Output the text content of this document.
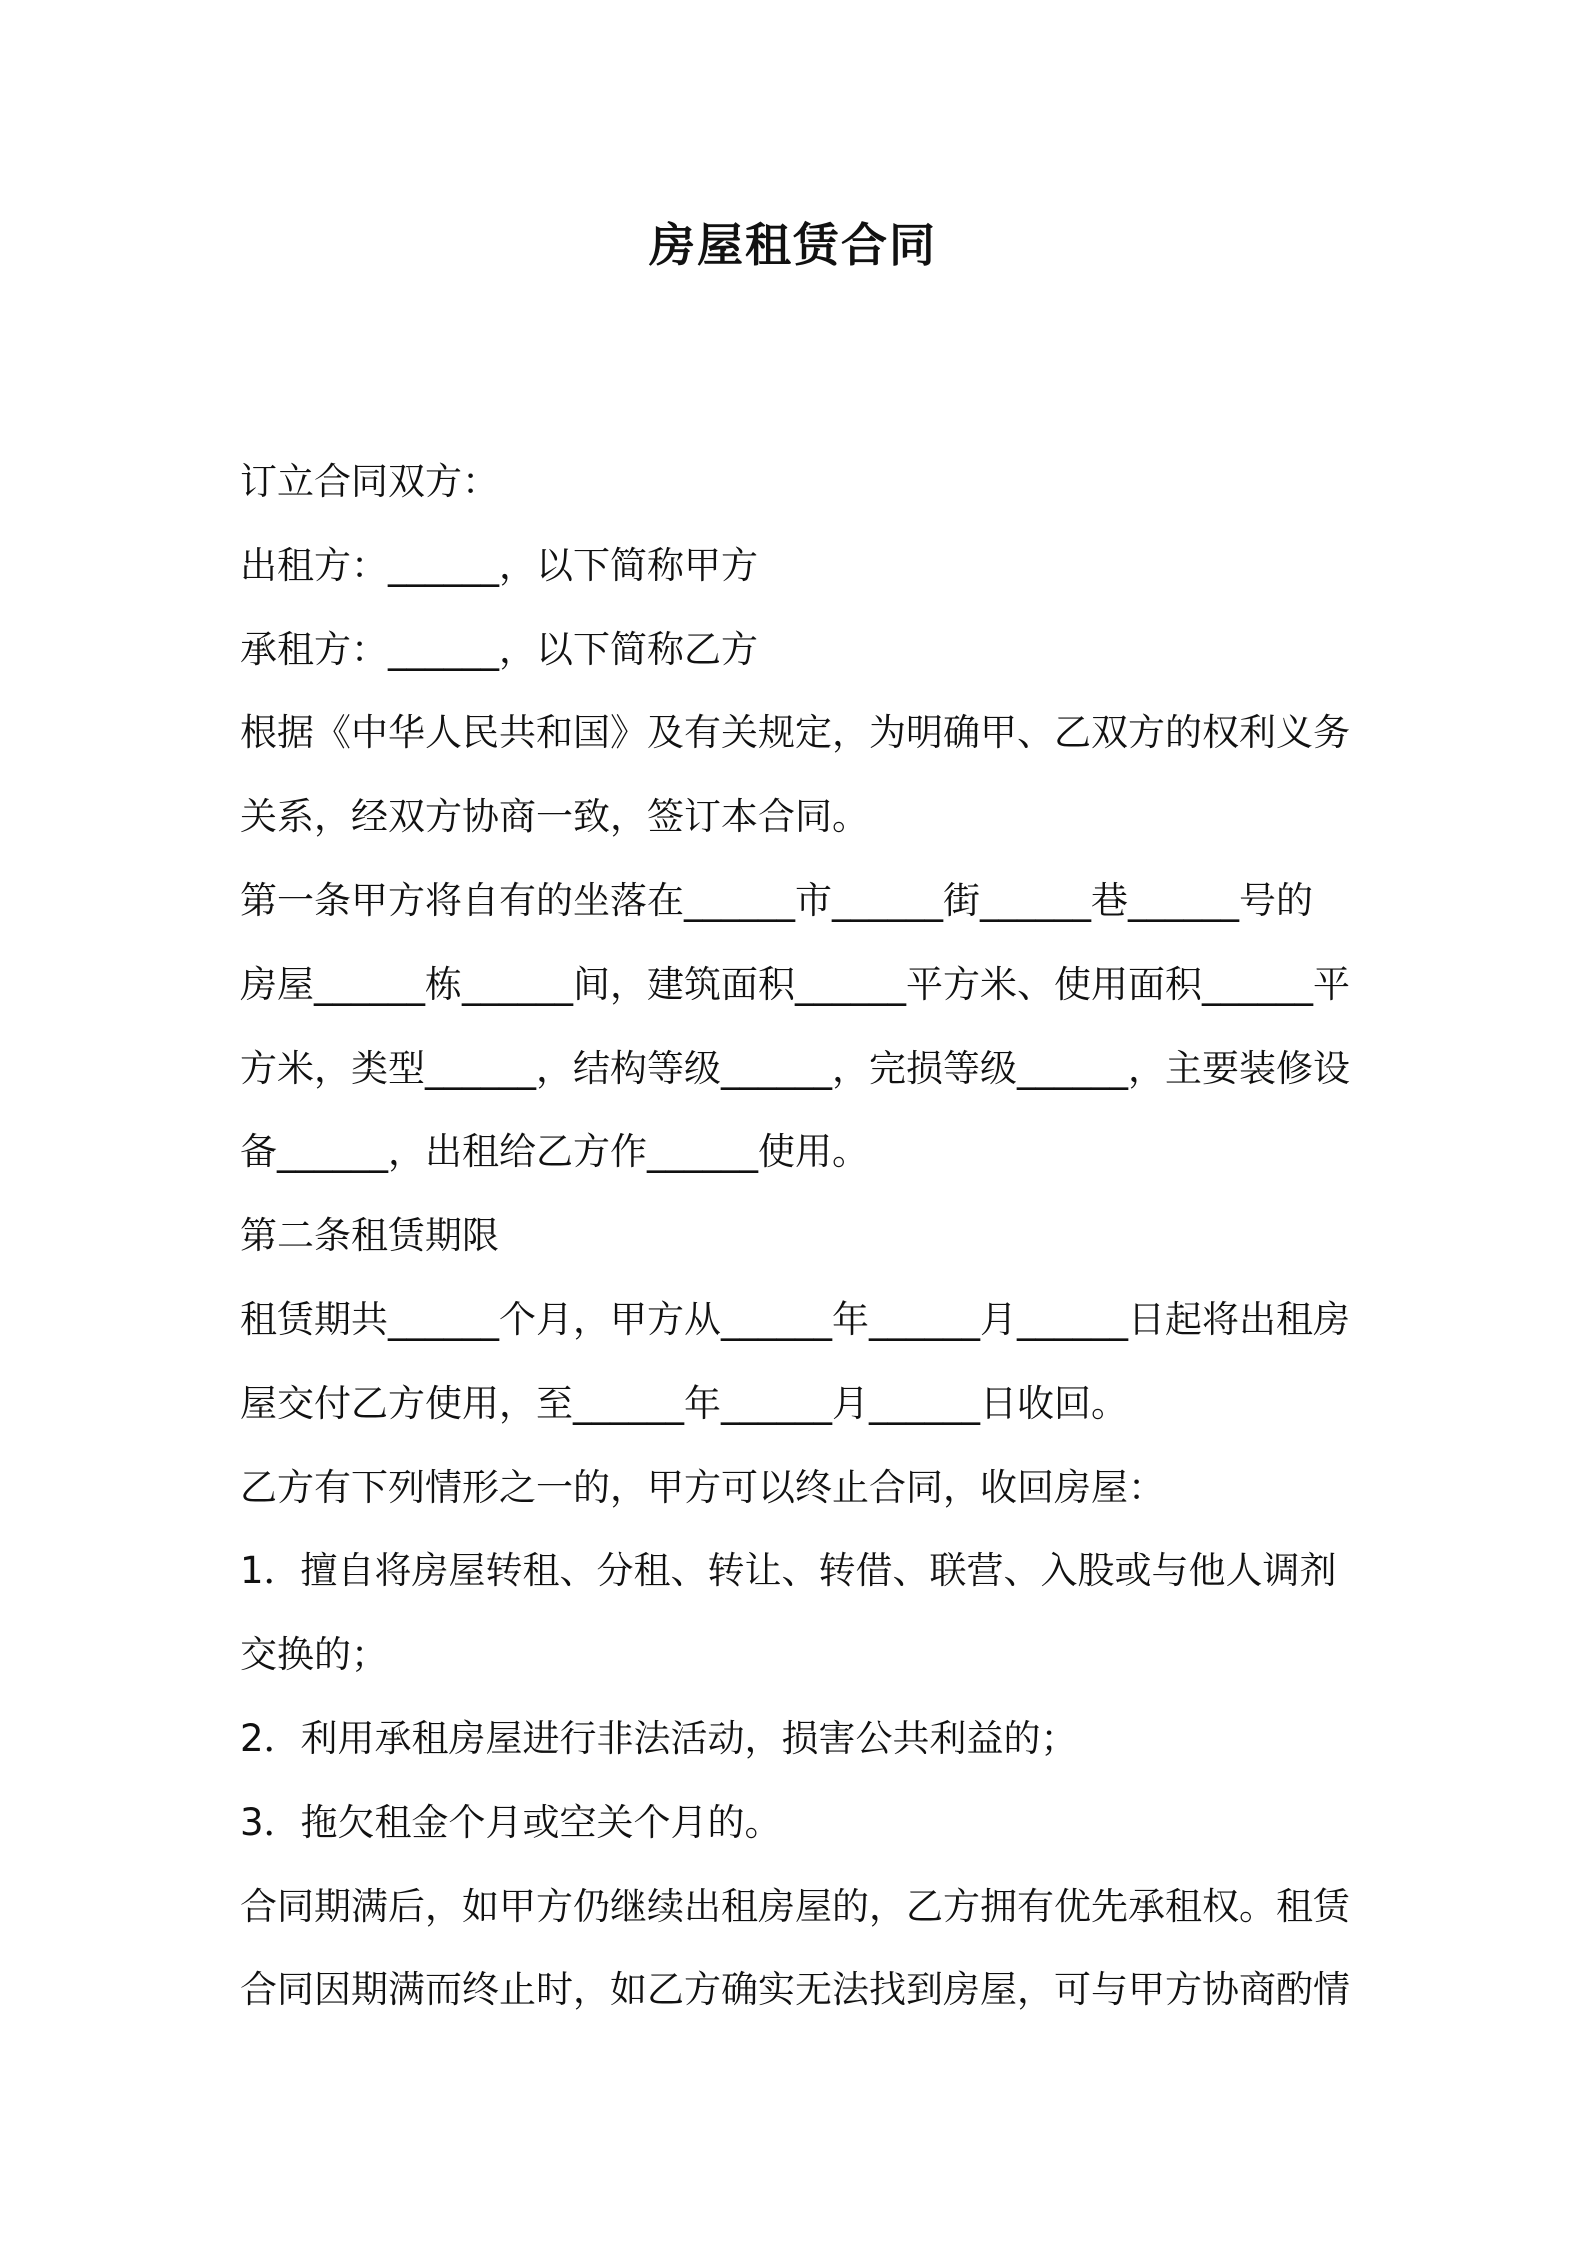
房屋租赁合同
订立合同双方：
出租方：______，以下简称甲方
承租方：______，以下简称乙方
根据《中华人民共和国》及有关规定，为明确甲、乙双方的权利义务
关系，经双方协商一致，签订本合同。
第一条甲方将自有的坐落在______市______街______巷______号的
房屋______栋______间，建筑面积______平方米、使用面积______平
方米，类型______，结构等级______，完损等级______，主要装修设
备______，出租给乙方作______使用。
第二条租赁期限
租赁期共______个月，甲方从______年______月______日起将出租房
屋交付乙方使用，至______年______月______日收回。
乙方有下列情形之一的，甲方可以终止合同，收回房屋：
1．擅自将房屋转租、分租、转让、转借、联营、入股或与他人调剂
交换的；
2．利用承租房屋进行非法活动，损害公共利益的；
3．拖欠租金个月或空关个月的。
合同期满后，如甲方仍继续出租房屋的，乙方拥有优先承租权。租赁
合同因期满而终止时，如乙方确实无法找到房屋，可与甲方协商酌情
